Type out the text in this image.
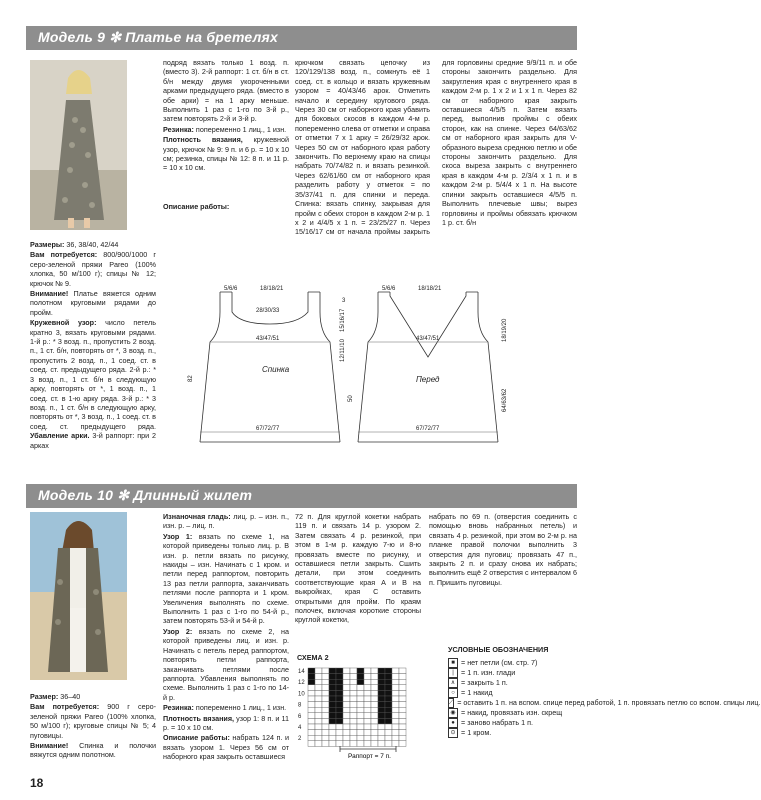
Модель 9 ✻ Платье на бретелях

Размеры: 36, 38/40, 42/44

Вам потребуется: 800/900/1000 г серо-зеленой пряжи Pareo (100% хлопка, 50 м/100 г); спицы № 12; крючок № 9.

Внимание! Платье вяжется одним полотном круговыми рядами до пройм.

Кружевной узор: число петель кратно 3, вязать круговыми рядами. 1-й р.: * 3 возд. п., пропустить 2 возд. п., 1 ст. б/н, повторять от *, 3 возд. п., пропустить 2 возд. п., 1 соед. ст. в соед. ст. предыдущего ряда. 2-й р.: * 3 возд. п., 1 ст. б/н в следующую арку, повторять от *, 1 возд. п., 1 соед. ст. в 1-ю арку ряда. 3-й р.: * 3 возд. п., 1 ст. б/н в следующую арку, повторять от *, 3 возд. п., 1 соед. ст. в соед. ст. предыдущего ряда. Убавление арки. 3-й раппорт: при 2 арках

подряд вязать только 1 возд. п. (вместо 3). 2-й раппорт: 1 ст. б/н в ст. б/н между двумя укороченными арками предыдущего ряда. (вместо в обе арки) = на 1 арку меньше. Выполнить 1 раз с 1-го по 3-й р., затем повторять 2-й и 3-й р.

Резинка: попеременно 1 лиц., 1 изн.

Плотность вязания, кружевной узор, крючок № 9: 9 п. и 6 р. = 10 х 10 см; резинка, спицы № 12: 8 п. и 11 р. = 10 х 10 см.

Описание работы:

крючком связать цепочку из 120/129/138 возд. п., сомкнуть её 1 соед. ст. в кольцо и вязать кружевным узором = 40/43/46 арок. Отметить начало и середину кругового ряда. Через 30 см от наборного края убавить для боковых скосов в каждом 4-м р. попеременно слева от отметки и справа от отметки 7 х 1 арку = 26/29/32 арок. Через 50 см от наборного края работу закончить. По верхнему краю на спицы набрать 70/74/82 п. и вязать резинкой. Через 62/61/60 см от наборного края разделить работу у отметок = по 35/37/41 п. для спинки и переда. Спинка: вязать спинку, закрывая для пройм с обеих сторон в каждом 2-м р. 1 х 2 и 4/4/5 х 1 п. = 23/25/27 п. Через 15/16/17 см от начала проймы закрыть для горловины средние 9/9/11 п. и обе стороны закончить раздельно. Для закругления края с внутреннего края в каждом 2-м р. 1 х 2 и 1 х 1 п. Через 82 см от наборного края закрыть оставшиеся 4/5/5 п. Затем вязать перед, выполнив проймы с обеих сторон, как на спинке. Через 64/63/62 см от наборного края закрыть для V-образного выреза среднюю петлю и обе стороны закончить раздельно. Для скоса выреза закрыть с внутреннего края в каждом 4-м р. 2/3/4 х 1 п. и в каждом 2-м р. 5/4/4 х 1 п. На высоте спинки закрыть оставшиеся 4/5/5 п. Выполнить плечевые швы; вырез горловины и проймы обвязать крючком 1 р. ст. б/н
Спинка
Перед
18/18/21	18/18/21
28/30/33
43/47/51	43/47/51
67/72/77	67/72/77
5/6/6	5/6/6
3
15/16/17
12/11/10
50
82
18/19/20
64/63/62
Модель 10 ✻ Длинный жилет

Размер: 36–40

Вам потребуется: 900 г серо-зеленой пряжи Pareo (100% хлопка, 50 м/100 г); круговые спицы № 5; 4 пуговицы.

Внимание! Спинка и полочки вяжутся одним полотном.

Изнаночная гладь: лиц. р. – изн. п., изн. р. – лиц. п.

Узор 1: вязать по схеме 1, на которой приведены только лиц. р. В изн. р. петли вязать по рисунку, накиды – изн. Начинать с 1 кром. и петли перед раппортом, повторить 13 раз петли раппорта, заканчивать петлями после раппорта и 1 кром. Увеличения выполнять по схеме. Выполнить 1 раз с 1-го по 54-й р., затем повторять 53-й и 54-й р.

Узор 2: вязать по схеме 2, на которой приведены лиц. и изн. р. Начинать с петель перед раппортом, повторять петли раппорта, заканчивать петлями после раппорта. Убавления выполнять по схеме. Выполнить 1 раз с 1-го по 14-й р.

Резинка: попеременно 1 лиц., 1 изн.

Плотность вязания, узор 1: 8 п. и 11 р. = 10 х 10 см.

Описание работы: набрать 124 п. и вязать узором 1. Через 56 см от наборного края закрыть оставшиеся

72 п. Для круглой кокетки набрать 119 п. и связать 14 р. узором 2. Затем связать 4 р. резинкой, при этом в 1-м р. каждую 7-ю и 8-ю провязать вместе по рисунку, и оставшиеся петли закрыть. Сшить детали, при этом соединить соответствующие края А и В на выкройках, края С оставить открытыми для пройм. По краям полочек, включая короткие стороны круглой кокетки,

набрать по 69 п. (отверстия соединить с помощью вновь набранных петель) и связать 4 р. резинкой, при этом во 2-м р. на планке правой полочки выполнить 3 отверстия для пуговиц: провязать 47 п., закрыть 2 п. и сразу снова их набрать; выполнить ещё 2 отверстия с интервалом 6 п. Пришить пуговицы.

СХЕМА 2
14
12
10
8
6
4
2
Раппорт = 7 п.
УСЛОВНЫЕ ОБОЗНАЧЕНИЯ
■ = нет петли (см. стр. 7)
|	= 1 п. изн. глади
∧ = закрыть 1 п.
○ = 1 накид
⟋ = оставить 1 п. на вспом. спице перед работой, 1 п. провязать петлю со вспом. спицы лиц.
◉ = накид, провязать изн. скрещ
● = заново набрать 1 п.
⊙ = 1 кром.
18
